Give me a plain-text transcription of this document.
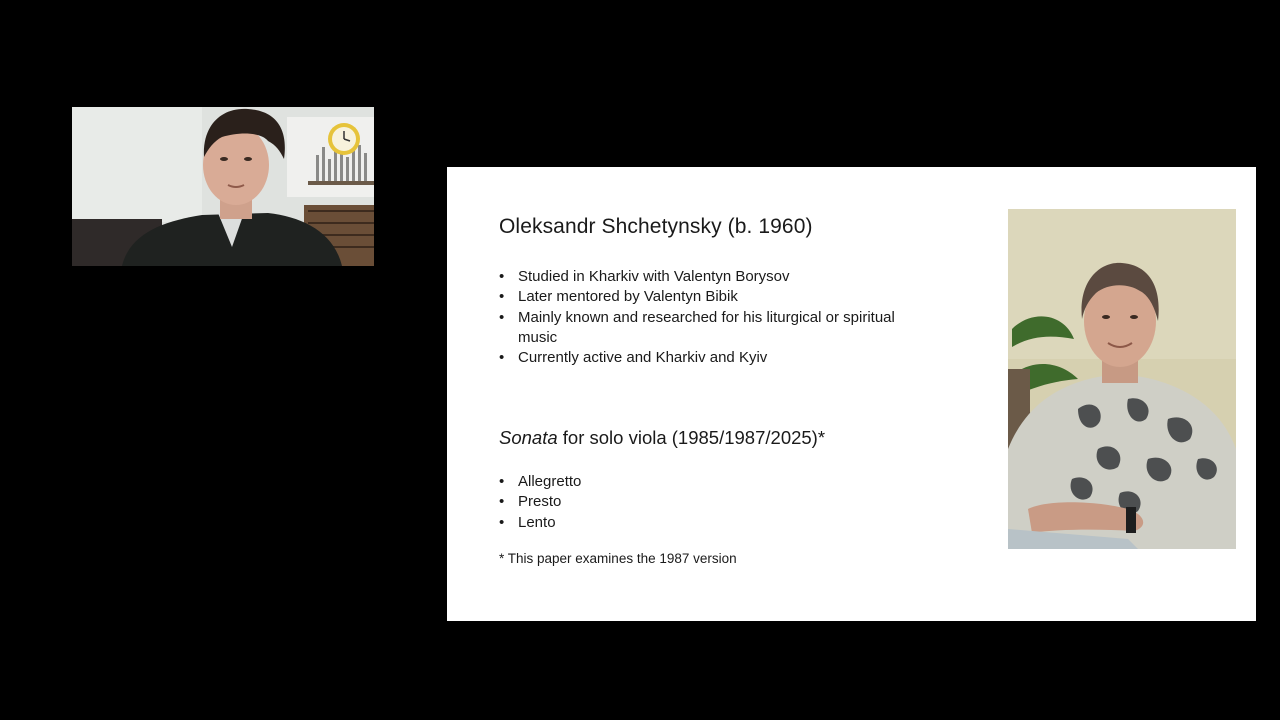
Oleksandr Shchetynsky (b. 1960)
• Studied in Kharkiv with Valentyn Borysov
• Later mentored by Valentyn Bibik
• Mainly known and researched for his liturgical or spiritual music
• Currently active and Kharkiv and Kyiv
Sonata for solo viola (1985/1987/2025)*
• Allegretto
• Presto
• Lento
* This paper examines the 1987 version
